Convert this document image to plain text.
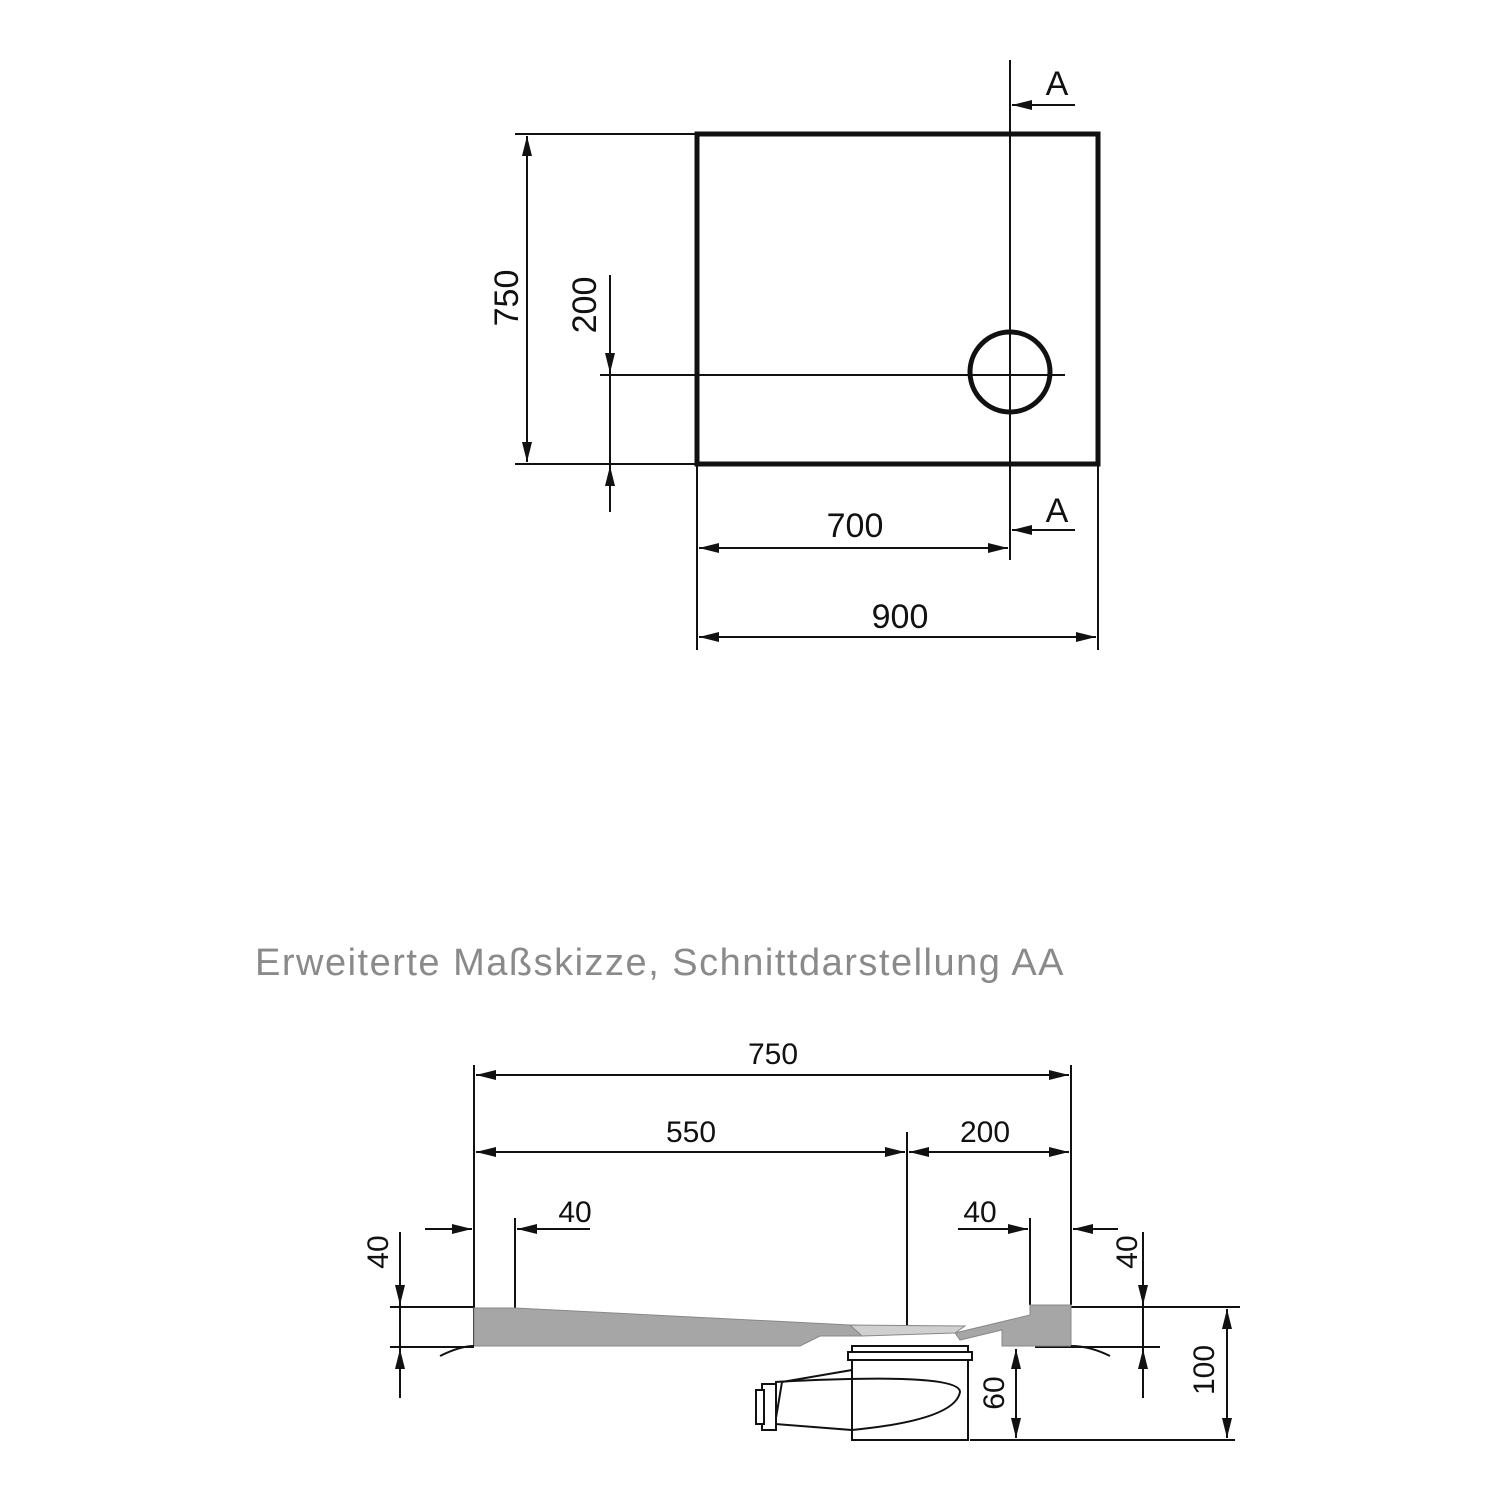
750 200
700
900
A
A
Erweiterte Maßskizze, Schnittdarstellung AA
750
550	200
40	40
40	40
60	100
